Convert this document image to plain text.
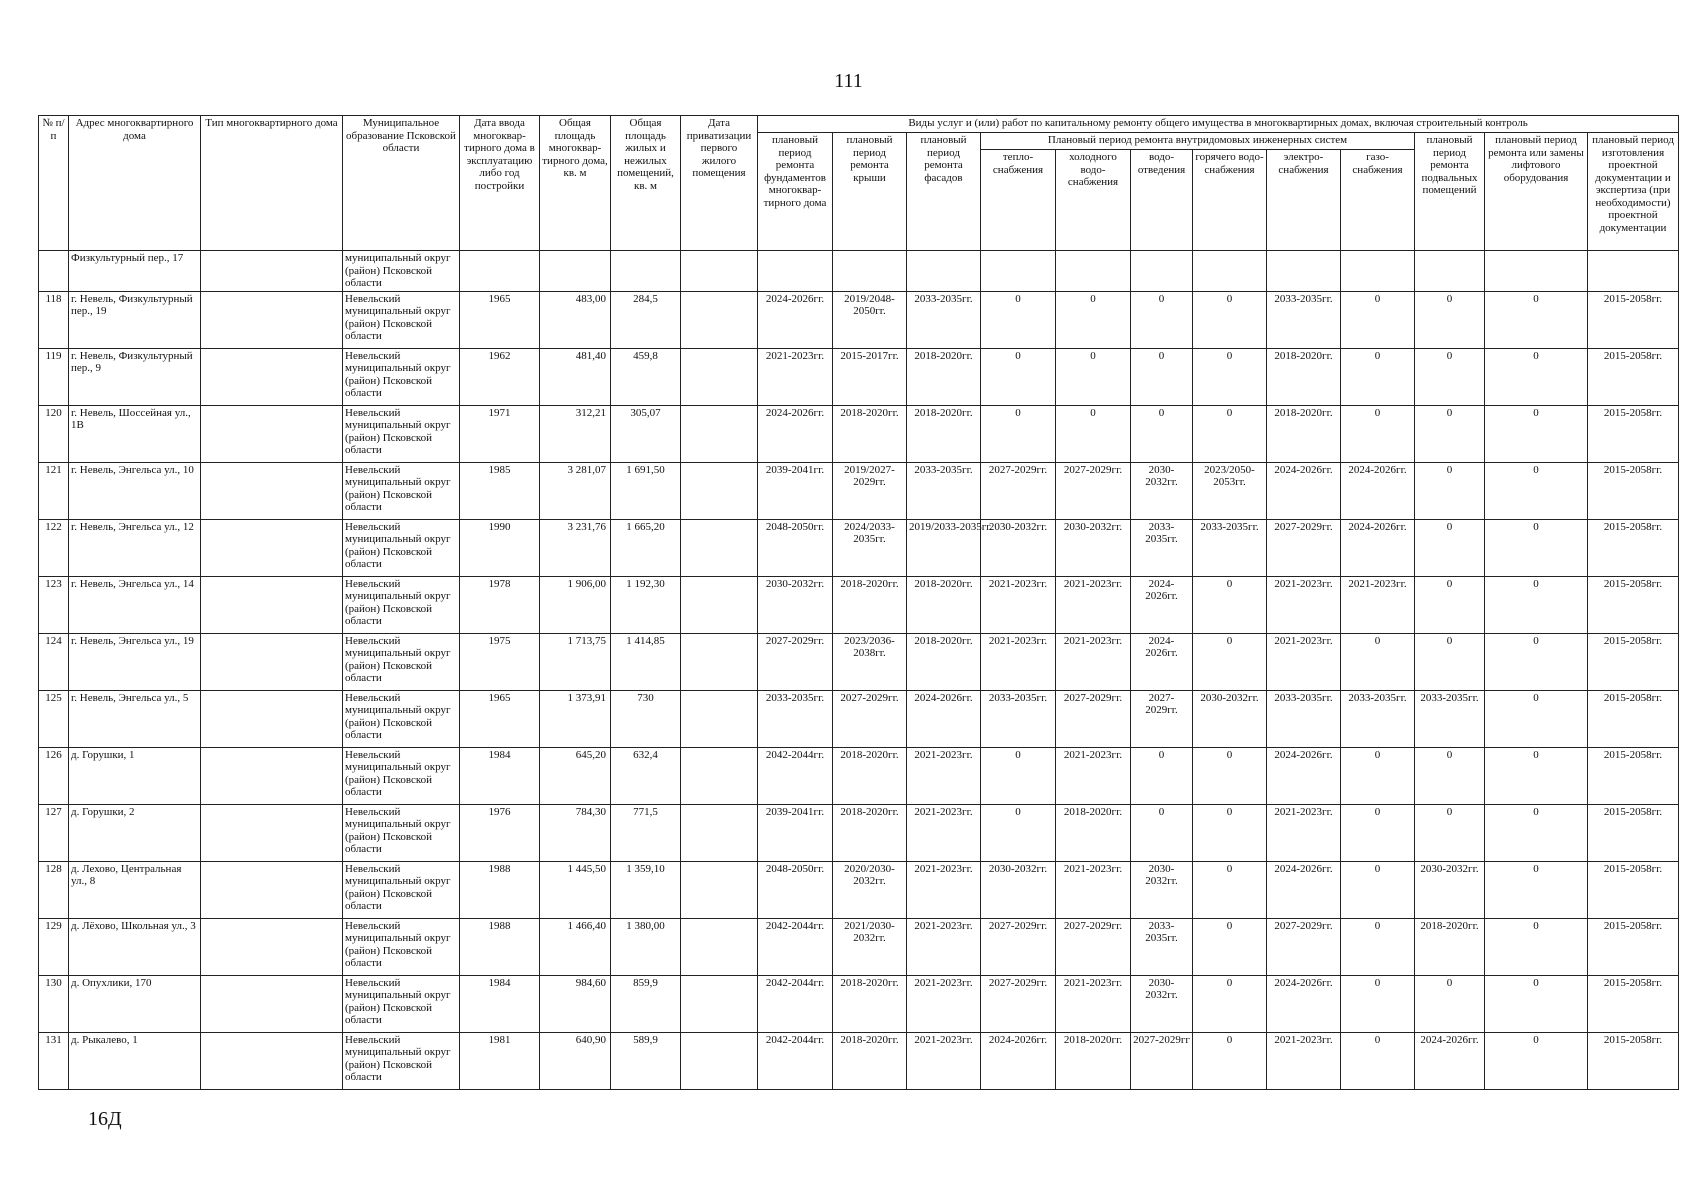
111
№ п/п	Адрес многоквартирного дома	Тип многоквартирного дома	Муниципальное образование Псковской области	Дата ввода многоквар-тирного дома в эксплуатацию либо год постройки	Общая площадь многоквар-тирного дома, кв. м	Общая площадь жилых и нежилых помещений, кв. м	Дата приватизации первого жилого помещения	Виды услуг и (или) работ по капитальному ремонту общего имущества в многоквартирных домах, включая строительный контроль											
								плановый период ремонта фундаментов многоквар-тирного дома	плановый период ремонта крыши	плановый период ремонта фасадов	Плановый период ремонта внутридомовых инженерных систем						плановый период ремонта подвальных помещений	плановый период ремонта или замены лифтового оборудования	плановый период изготовления проектной документации и экспертиза (при необходимости) проектной документации
											тепло-снабжения	холодного водо-снабжения	водо-отведения	горячего водо-снабжения	электро-снабжения	газо-снабжения			
	Физкультурный пер., 17		муниципальный округ (район) Псковской области																
118	г. Невель, Физкультурный пер., 19		Невельский муниципальный округ (район) Псковской области	1965	483,00	284,5		2024-2026гг.	2019/2048-2050гг.	2033-2035гг.	0	0	0	0	2033-2035гг.	0	0	0	2015-2058гг.
119	г. Невель, Физкультурный пер., 9		Невельский муниципальный округ (район) Псковской области	1962	481,40	459,8		2021-2023гг.	2015-2017гг.	2018-2020гг.	0	0	0	0	2018-2020гг.	0	0	0	2015-2058гг.
120	г. Невель, Шоссейная ул., 1В		Невельский муниципальный округ (район) Псковской области	1971	312,21	305,07		2024-2026гг.	2018-2020гг.	2018-2020гг.	0	0	0	0	2018-2020гг.	0	0	0	2015-2058гг.
121	г. Невель, Энгельса ул., 10		Невельский муниципальный округ (район) Псковской области	1985	3 281,07	1 691,50		2039-2041гг.	2019/2027-2029гг.	2033-2035гг.	2027-2029гг.	2027-2029гг.	2030-2032гг.	2023/2050-2053гг.	2024-2026гг.	2024-2026гг.	0	0	2015-2058гг.
122	г. Невель, Энгельса ул., 12		Невельский муниципальный округ (район) Псковской области	1990	3 231,76	1 665,20		2048-2050гг.	2024/2033-2035гг.	2019/2033-2035гг.	2030-2032гг.	2030-2032гг.	2033-2035гг.	2033-2035гг.	2027-2029гг.	2024-2026гг.	0	0	2015-2058гг.
123	г. Невель, Энгельса ул., 14		Невельский муниципальный округ (район) Псковской области	1978	1 906,00	1 192,30		2030-2032гг.	2018-2020гг.	2018-2020гг.	2021-2023гг.	2021-2023гг.	2024-2026гг.	0	2021-2023гг.	2021-2023гг.	0	0	2015-2058гг.
124	г. Невель, Энгельса ул., 19		Невельский муниципальный округ (район) Псковской области	1975	1 713,75	1 414,85		2027-2029гг.	2023/2036-2038гг.	2018-2020гг.	2021-2023гг.	2021-2023гг.	2024-2026гг.	0	2021-2023гг.	0	0	0	2015-2058гг.
125	г. Невель, Энгельса ул., 5		Невельский муниципальный округ (район) Псковской области	1965	1 373,91	730		2033-2035гг.	2027-2029гг.	2024-2026гг.	2033-2035гг.	2027-2029гг.	2027-2029гг.	2030-2032гг.	2033-2035гг.	2033-2035гг.	2033-2035гг.	0	2015-2058гг.
126	д. Горушки, 1		Невельский муниципальный округ (район) Псковской области	1984	645,20	632,4		2042-2044гг.	2018-2020гг.	2021-2023гг.	0	2021-2023гг.	0	0	2024-2026гг.	0	0	0	2015-2058гг.
127	д. Горушки, 2		Невельский муниципальный округ (район) Псковской области	1976	784,30	771,5		2039-2041гг.	2018-2020гг.	2021-2023гг.	0	2018-2020гг.	0	0	2021-2023гг.	0	0	0	2015-2058гг.
128	д. Лехово, Центральная ул., 8		Невельский муниципальный округ (район) Псковской области	1988	1 445,50	1 359,10		2048-2050гг.	2020/2030-2032гг.	2021-2023гг.	2030-2032гг.	2021-2023гг.	2030-2032гг.	0	2024-2026гг.	0	2030-2032гг.	0	2015-2058гг.
129	д. Лёхово, Школьная ул., 3		Невельский муниципальный округ (район) Псковской области	1988	1 466,40	1 380,00		2042-2044гг.	2021/2030-2032гг.	2021-2023гг.	2027-2029гг.	2027-2029гг.	2033-2035гг.	0	2027-2029гг.	0	2018-2020гг.	0	2015-2058гг.
130	д. Опухлики, 170		Невельский муниципальный округ (район) Псковской области	1984	984,60	859,9		2042-2044гг.	2018-2020гг.	2021-2023гг.	2027-2029гг.	2021-2023гг.	2030-2032гг.	0	2024-2026гг.	0	0	0	2015-2058гг.
131	д. Рыкалево, 1		Невельский муниципальный округ (район) Псковской области	1981	640,90	589,9		2042-2044гг.	2018-2020гг.	2021-2023гг.	2024-2026гг.	2018-2020гг.	2027-2029гг	0	2021-2023гг.	0	2024-2026гг.	0	2015-2058гг.
16Д
